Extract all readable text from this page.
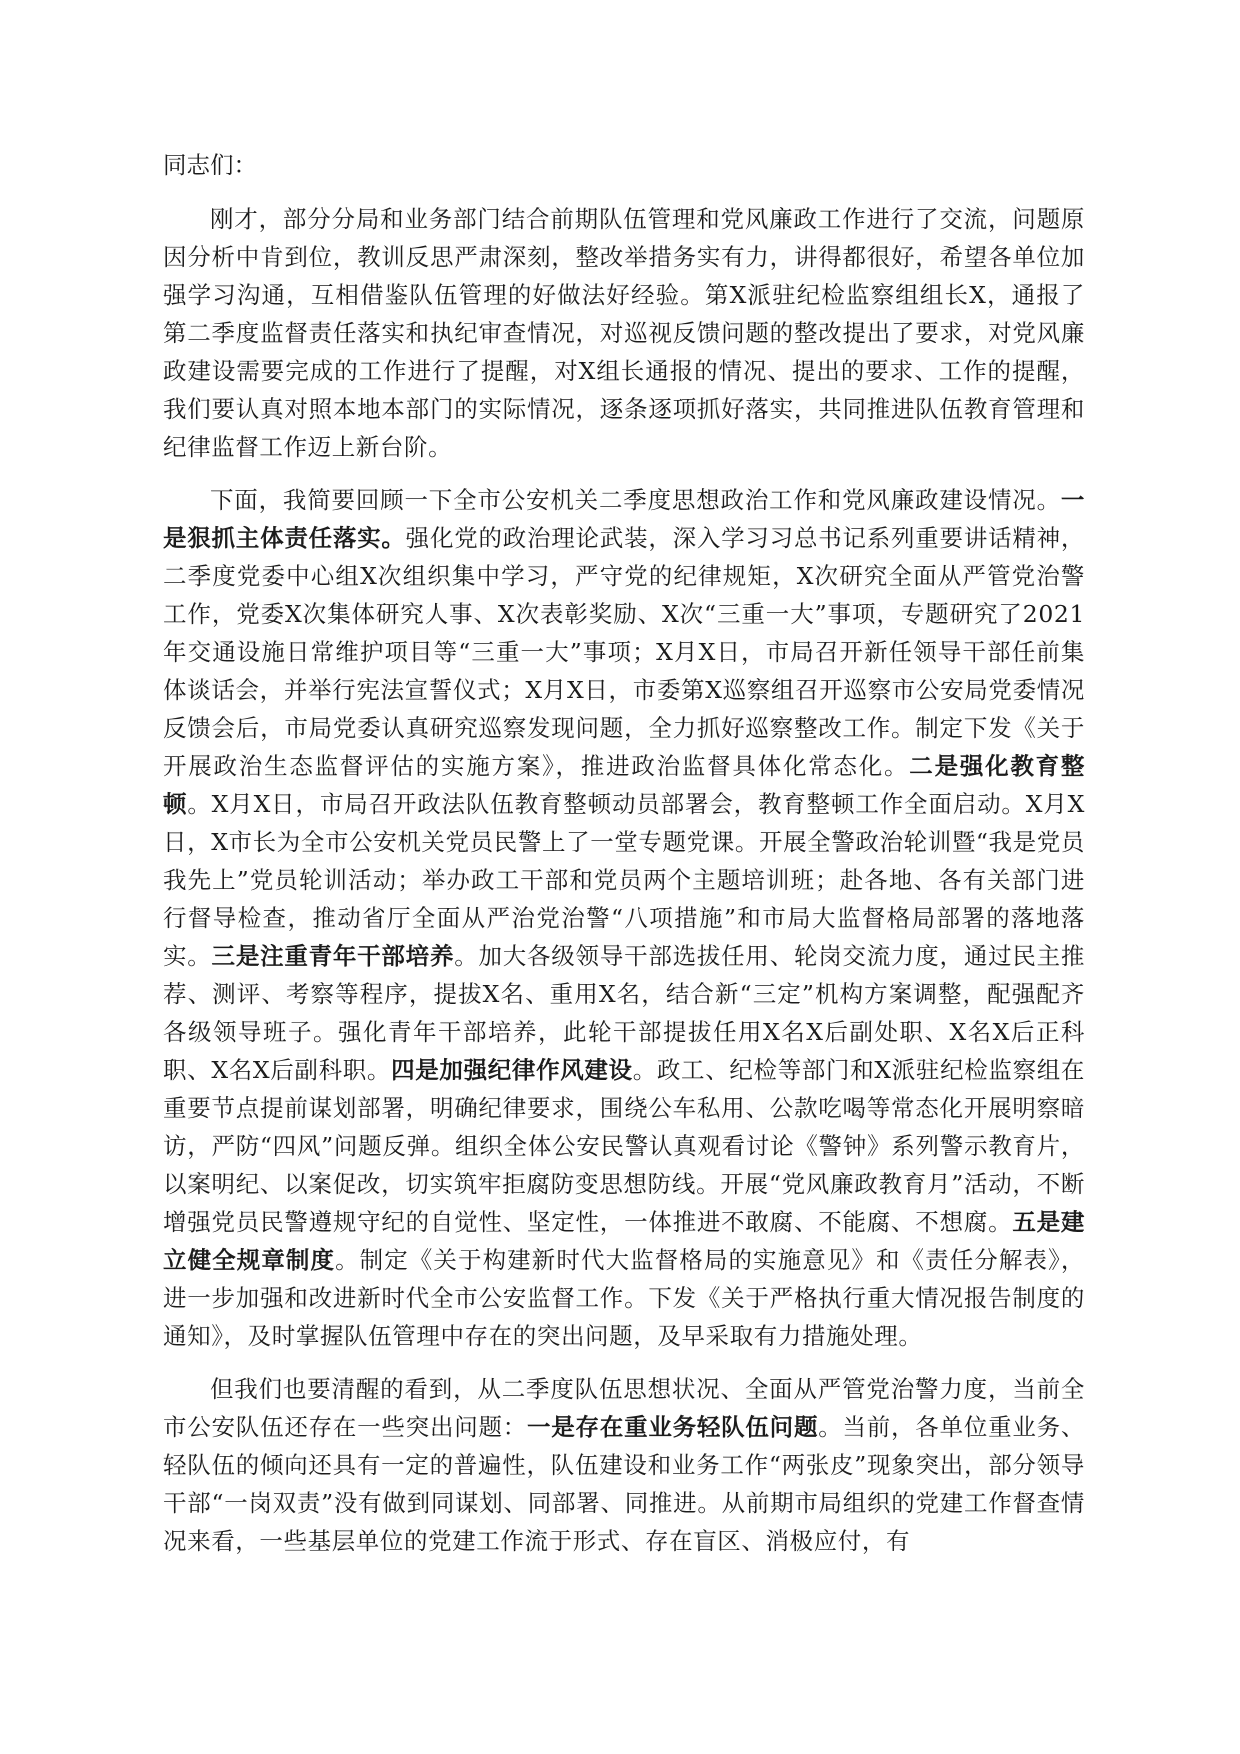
同志们：

刚才，部分分局和业务部门结合前期队伍管理和党风廉政工作进行了交流，问题原因分析中肯到位，教训反思严肃深刻，整改举措务实有力，讲得都很好，希望各单位加强学习沟通，互相借鉴队伍管理的好做法好经验。第X派驻纪检监察组组长X，通报了第二季度监督责任落实和执纪审查情况，对巡视反馈问题的整改提出了要求，对党风廉政建设需要完成的工作进行了提醒，对X组长通报的情况、提出的要求、工作的提醒，我们要认真对照本地本部门的实际情况，逐条逐项抓好落实，共同推进队伍教育管理和纪律监督工作迈上新台阶。

下面，我简要回顾一下全市公安机关二季度思想政治工作和党风廉政建设情况。一是狠抓主体责任落实。强化党的政治理论武装，深入学习习总书记系列重要讲话精神，二季度党委中心组X次组织集中学习，严守党的纪律规矩，X次研究全面从严管党治警工作，党委X次集体研究人事、X次表彰奖励、X次“三重一大”事项，专题研究了2021年交通设施日常维护项目等“三重一大”事项；X月X日，市局召开新任领导干部任前集体谈话会，并举行宪法宣誓仪式；X月X日，市委第X巡察组召开巡察市公安局党委情况反馈会后，市局党委认真研究巡察发现问题，全力抓好巡察整改工作。制定下发《关于开展政治生态监督评估的实施方案》，推进政治监督具体化常态化。二是强化教育整顿。X月X日，市局召开政法队伍教育整顿动员部署会，教育整顿工作全面启动。X月X日，X市长为全市公安机关党员民警上了一堂专题党课。开展全警政治轮训暨“我是党员我先上”党员轮训活动；举办政工干部和党员两个主题培训班；赴各地、各有关部门进行督导检查，推动省厅全面从严治党治警“八项措施”和市局大监督格局部署的落地落实。三是注重青年干部培养。加大各级领导干部选拔任用、轮岗交流力度，通过民主推荐、测评、考察等程序，提拔X名、重用X名，结合新“三定”机构方案调整，配强配齐各级领导班子。强化青年干部培养，此轮干部提拔任用X名X后副处职、X名X后正科职、X名X后副科职。四是加强纪律作风建设。政工、纪检等部门和X派驻纪检监察组在重要节点提前谋划部署，明确纪律要求，围绕公车私用、公款吃喝等常态化开展明察暗访，严防“四风”问题反弹。组织全体公安民警认真观看讨论《警钟》系列警示教育片，以案明纪、以案促改，切实筑牢拒腐防变思想防线。开展“党风廉政教育月”活动，不断增强党员民警遵规守纪的自觉性、坚定性，一体推进不敢腐、不能腐、不想腐。五是建立健全规章制度。制定《关于构建新时代大监督格局的实施意见》和《责任分解表》，进一步加强和改进新时代全市公安监督工作。下发《关于严格执行重大情况报告制度的通知》，及时掌握队伍管理中存在的突出问题，及早采取有力措施处理。

但我们也要清醒的看到，从二季度队伍思想状况、全面从严管党治警力度，当前全市公安队伍还存在一些突出问题：一是存在重业务轻队伍问题。当前，各单位重业务、轻队伍的倾向还具有一定的普遍性，队伍建设和业务工作“两张皮”现象突出，部分领导干部“一岗双责”没有做到同谋划、同部署、同推进。从前期市局组织的党建工作督查情况来看，一些基层单位的党建工作流于形式、存在盲区、消极应付，有
